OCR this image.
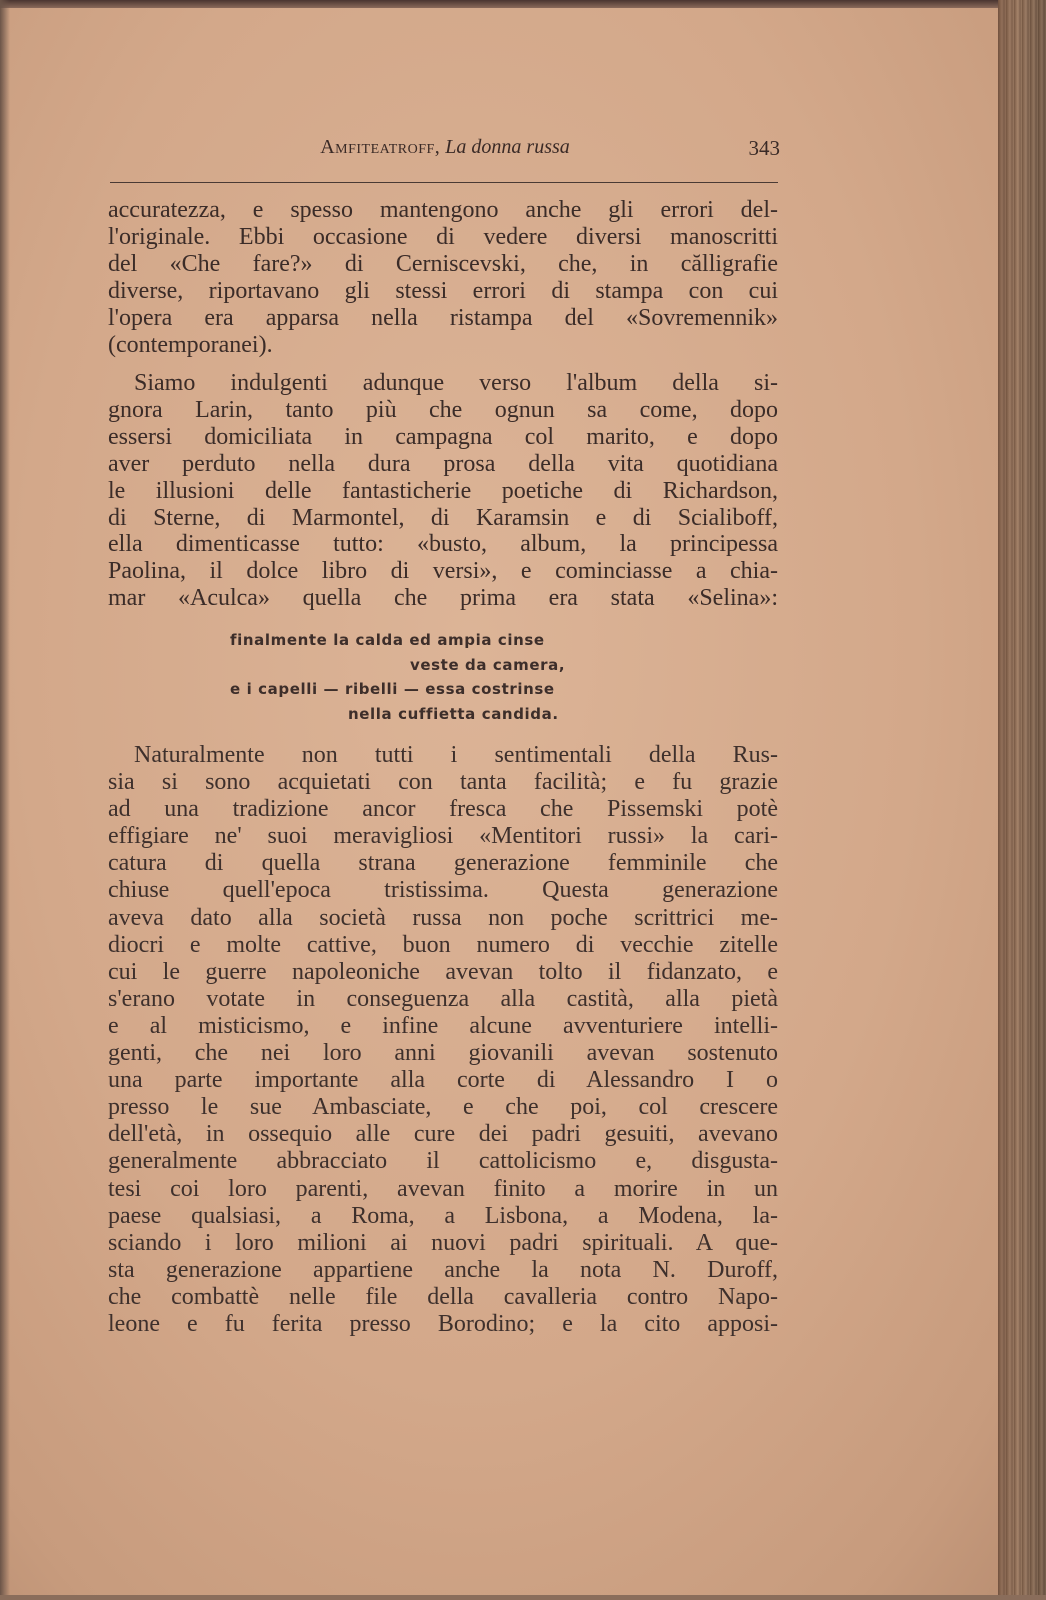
Amfiteatroff, La donna russa	343
accuratezza, e spesso mantengono anche gli errori del-
l'originale. Ebbi occasione di vedere diversi manoscritti
del «Che fare?» di Cerniscevski, che, in călligrafie
diverse, riportavano gli stessi errori di stampa con cui
l'opera era apparsa nella ristampa del «Sovremennik»
(contemporanei).
Siamo indulgenti adunque verso l'album della si-
gnora Larin, tanto più che ognun sa come, dopo
essersi domiciliata in campagna col marito, e dopo
aver perduto nella dura prosa della vita quotidiana
le illusioni delle fantasticherie poetiche di Richardson,
di Sterne, di Marmontel, di Karamsin e di Scialiboff,
ella dimenticasse tutto: «busto, album, la principessa
Paolina, il dolce libro di versi», e cominciasse a chia-
mar «Aculca» quella che prima era stata «Selina»:
finalmente la calda ed ampia cinse
veste da camera,
e i capelli — ribelli — essa costrinse
nella cuffietta candida.
Naturalmente non tutti i sentimentali della Rus-
sia si sono acquietati con tanta facilità; e fu grazie
ad una tradizione ancor fresca che Pissemski potè
effigiare ne' suoi meravigliosi «Mentitori russi» la cari-
catura di quella strana generazione femminile che
chiuse quell'epoca tristissima. Questa generazione
aveva dato alla società russa non poche scrittrici me-
diocri e molte cattive, buon numero di vecchie zitelle
cui le guerre napoleoniche avevan tolto il fidanzato, e
s'erano votate in conseguenza alla castità, alla pietà
e al misticismo, e infine alcune avventuriere intelli-
genti, che nei loro anni giovanili avevan sostenuto
una parte importante alla corte di Alessandro I o
presso le sue Ambasciate, e che poi, col crescere
dell'età, in ossequio alle cure dei padri gesuiti, avevano
generalmente abbracciato il cattolicismo e, disgusta-
tesi coi loro parenti, avevan finito a morire in un
paese qualsiasi, a Roma, a Lisbona, a Modena, la-
sciando i loro milioni ai nuovi padri spirituali. A que-
sta generazione appartiene anche la nota N. Duroff,
che combattè nelle file della cavalleria contro Napo-
leone e fu ferita presso Borodino; e la cito apposi-
